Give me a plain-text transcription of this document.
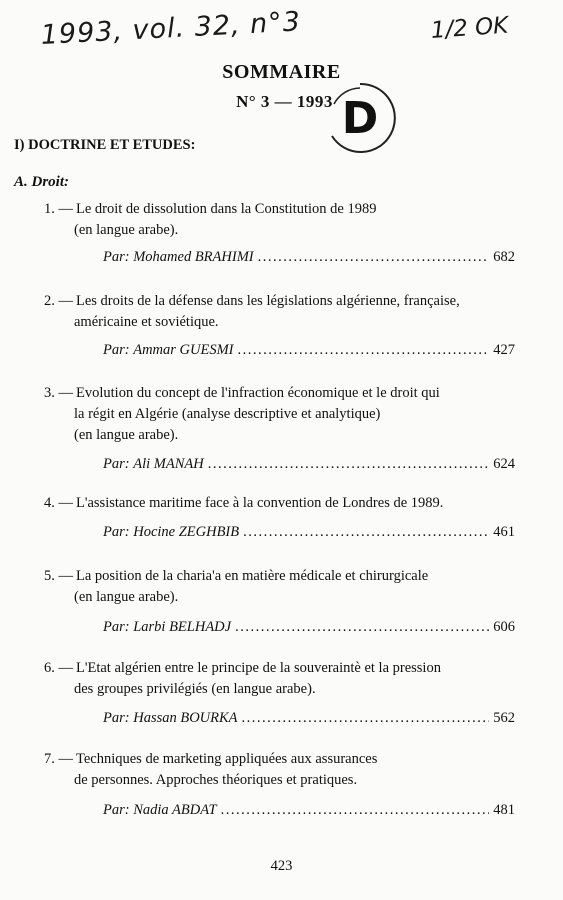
1993, vol. 32, n°3	1/2 OK
SOMMAIRE
N° 3 — 1993 D
I) DOCTRINE ET ETUDES:
A. Droit:
1. — Le droit de dissolution dans la Constitution de 1989
(en langue arabe).
Par:
Mohamed BRAHIMI .....	682
2. — Les droits de la défense dans les législations algérienne, française,
américaine et soviétique.
Par:
Ammar GUESMI .....	427
3. — Evolution du concept de l'infraction économique et le droit qui
la régit en Algérie (analyse descriptive et analytique)
(en langue arabe).
Par:
Ali MANAH .....	624
4. — L'assistance maritime face à la convention de Londres de 1989.
Par:
Hocine ZEGHBIB .....	461
5. — La position de la charia'a en matière médicale et chirurgicale
(en langue arabe).
Par:
Larbi BELHADJ .....	606
6. — L'Etat algérien entre le principe de la souveraintè et la pression
des groupes privilégiés (en langue arabe).
Par:
Hassan BOURKA .....	562
7. — Techniques de marketing appliquées aux assurances
de personnes. Approches théoriques et pratiques.
Par:
Nadia ABDAT .....	481
423
